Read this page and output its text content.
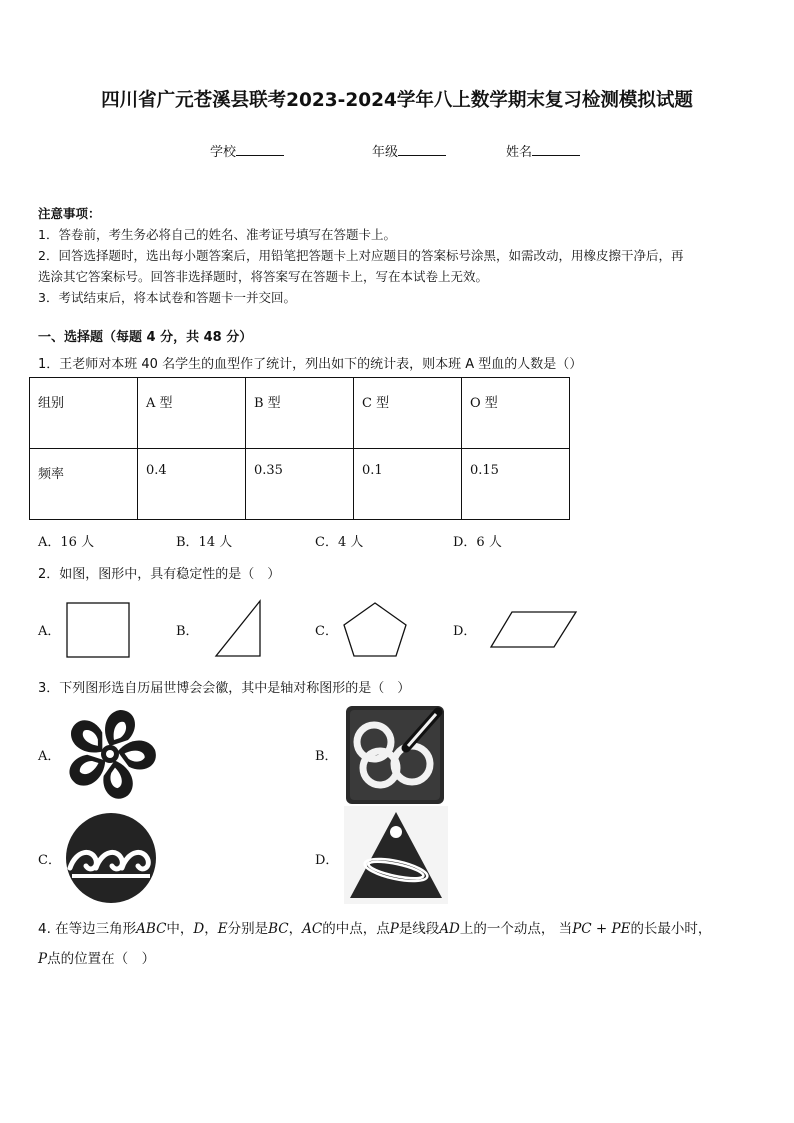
四川省广元苍溪县联考2023-2024学年八上数学期末复习检测模拟试题
学校	年级	姓名
注意事项：
1．答卷前，考生务必将自己的姓名、准考证号填写在答题卡上。
2．回答选择题时，选出每小题答案后，用铅笔把答题卡上对应题目的答案标号涂黑，如需改动，用橡皮擦干净后，再
选涂其它答案标号。回答非选择题时，将答案写在答题卡上，写在本试卷上无效。
3．考试结束后，将本试卷和答题卡一并交回。
一、选择题（每题 4 分，共 48 分）
1．王老师对本班 40 名学生的血型作了统计，列出如下的统计表，则本班 A 型血的人数是（）
组别	A 型	B 型	C 型	O 型
频率	0.4	0.35	0.1	0.15
A．16 人	B．14 人	C．4 人	D．6 人
2．如图，图形中，具有稳定性的是（　）
A．	B．	C．	D．
3．下列图形选自历届世博会会徽，其中是轴对称图形的是（　）
A．	B．
C．	D．
4. 在等边三角形ABC中，D，E分别是BC，AC的中点，点P是线段AD上的一个动点， 当PC + PE的长最小时，
P点的位置在（　）
